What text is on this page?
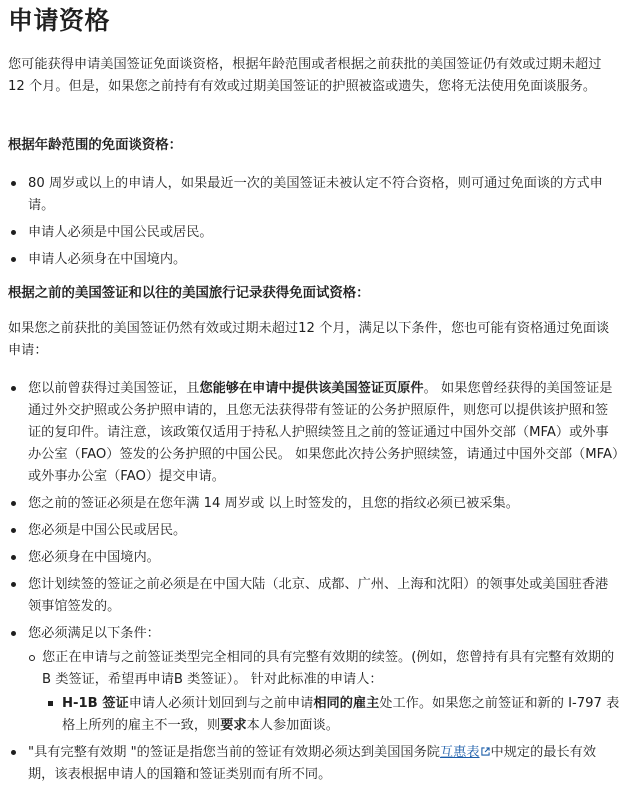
申请资格

您可能获得申请美国签证免面谈资格，根据年龄范围或者根据之前获批的美国签证仍有效或过期未超过12 个月。但是，如果您之前持有有效或过期美国签证的护照被盗或遗失，您将无法使用免面谈服务。

根据年龄范围的免面谈资格：
80 周岁或以上的申请人，如果最近一次的美国签证未被认定不符合资格，则可通过免面谈的方式申请。
申请人必须是中国公民或居民。
申请人必须身在中国境内。
根据之前的美国签证和以往的美国旅行记录获得免面试资格：

如果您之前获批的美国签证仍然有效或过期未超过12 个月，满足以下条件，您也可能有资格通过免面谈申请：

您以前曾获得过美国签证，且您能够在申请中提供该美国签证页原件。 如果您曾经获得的美国签证是通过外交护照或公务护照申请的，且您无法获得带有签证的公务护照原件，则您可以提供该护照和签证的复印件。请注意，该政策仅适用于持私人护照续签且之前的签证通过中国外交部（MFA）或外事办公室（FAO）签发的公务护照的中国公民。 如果您此次持公务护照续签，请通过中国外交部（MFA）或外事办公室（FAO）提交申请。
您之前的签证必须是在您年满 14 周岁或 以上时签发的，且您的指纹必须已被采集。
您必须是中国公民或居民。
您必须身在中国境内。
您计划续签的签证之前必须是在中国大陆（北京、成都、广州、上海和沈阳）的领事处或美国驻香港领事馆签发的。
您必须满足以下条件：
您正在申请与之前签证类型完全相同的具有完整有效期的续签。(例如，您曾持有具有完整有效期的 B 类签证，希望再申请B 类签证）。 针对此标准的申请人：
H-1B 签证申请人必须计划回到与之前申请相同的雇主处工作。如果您之前签证和新的 I-797 表格上所列的雇主不一致，则要求本人参加面谈。
"具有完整有效期 "的签证是指您当前的签证有效期必须达到美国国务院互惠表 中规定的最长有效期，该表根据申请人的国籍和签证类别而有所不同。
